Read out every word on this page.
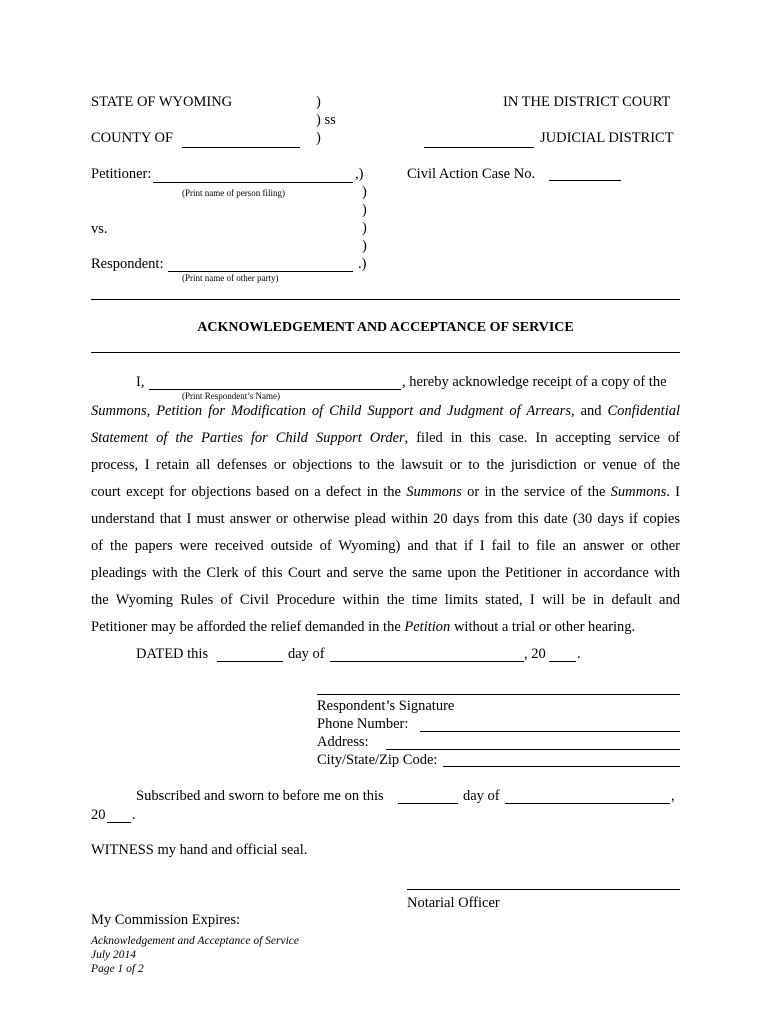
STATE OF WYOMING	)
) ss
)
IN THE DISTRICT COURT
COUNTY OF	JUDICIAL DISTRICT
Petitioner:	,)
(Print name of person filing)	)
)
)
)
vs.
Respondent:	.)
(Print name of other party)
Civil Action Case No.
ACKNOWLEDGEMENT AND ACCEPTANCE OF SERVICE
I,	, hereby acknowledge receipt of a copy of the
(Print Respondent’s Name)
Summons, Petition for Modification of Child Support and Judgment of Arrears, and Confidential
Statement of the Parties for Child Support Order, filed in this case. In accepting service of
process, I retain all defenses or objections to the lawsuit or to the jurisdiction or venue of the
court except for objections based on a defect in the Summons or in the service of the Summons. I
understand that I must answer or otherwise plead within 20 days from this date (30 days if copies
of the papers were received outside of Wyoming) and that if I fail to file an answer or other
pleadings with the Clerk of this Court and serve the same upon the Petitioner in accordance with
the Wyoming Rules of Civil Procedure within the time limits stated, I will be in default and
Petitioner may be afforded the relief demanded in the Petition without a trial or other hearing.
DATED this	day of	, 20 .
Respondent’s Signature
Phone Number:
Address:
City/State/Zip Code:
Subscribed and sworn to before me on this	day of	,
20 .
WITNESS my hand and official seal.
Notarial Officer
My Commission Expires:
Acknowledgement and Acceptance of Service
July 2014
Page 1 of 2
